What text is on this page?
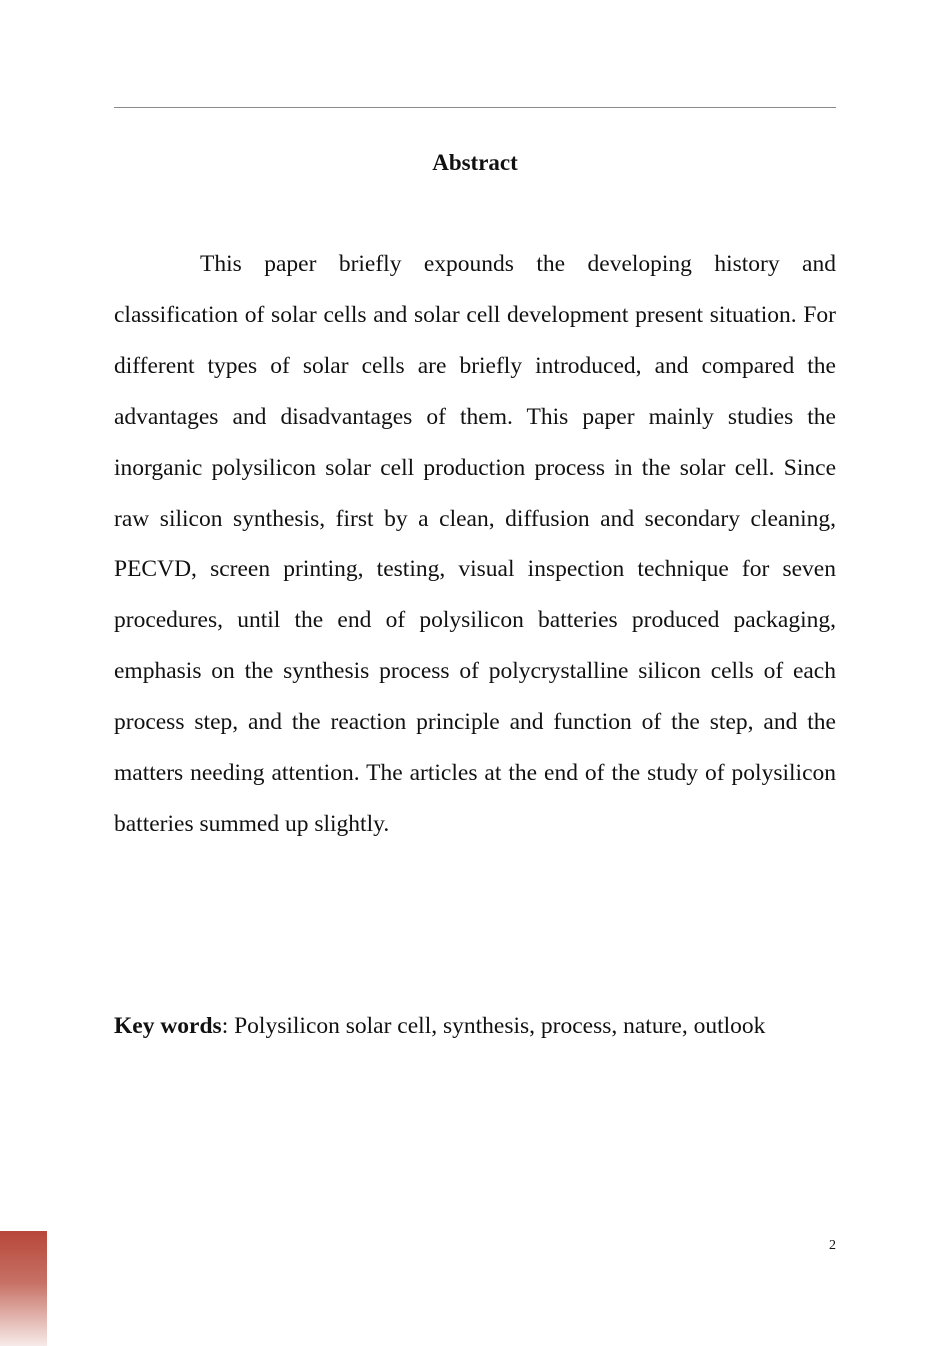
Abstract

This paper briefly expounds the developing history and classification of solar cells and solar cell development present situation. For different types of solar cells are briefly introduced, and compared the advantages and disadvantages of them. This paper mainly studies the inorganic polysilicon solar cell production process in the solar cell. Since raw silicon synthesis, first by a clean, diffusion and secondary cleaning, PECVD, screen printing, testing, visual inspection technique for seven procedures, until the end of polysilicon batteries produced packaging, emphasis on the synthesis process of polycrystalline silicon cells of each process step, and the reaction principle and function of the step, and the matters needing attention. The articles at the end of the study of polysilicon batteries summed up slightly.

Key words: Polysilicon solar cell, synthesis, process, nature, outlook

2
